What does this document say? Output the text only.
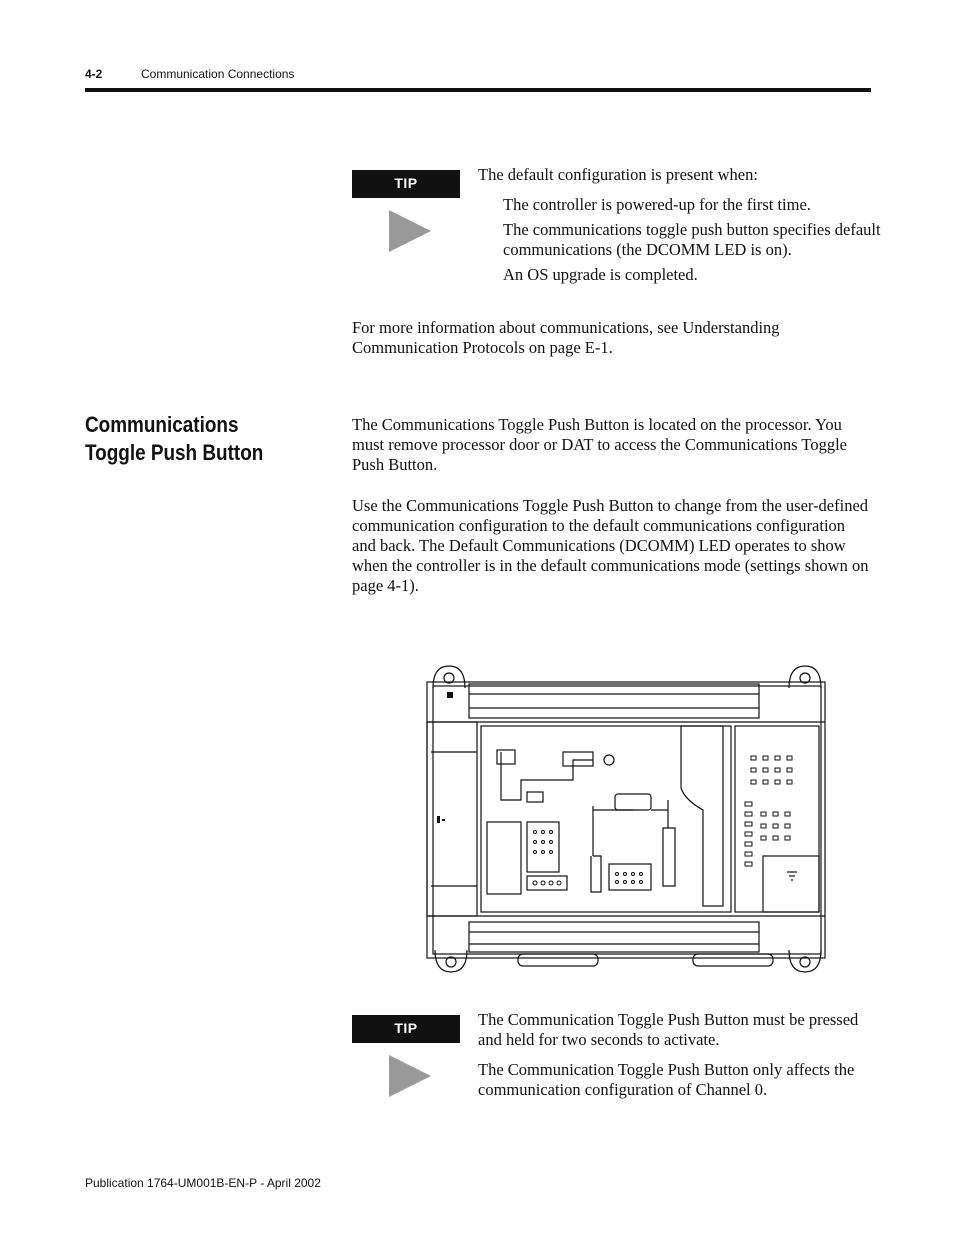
4-2	Communication Connections
TIP	The default configuration is present when:

The controller is powered-up for the first time.

The communications toggle push button specifies default communications (the DCOMM LED is on).

An OS upgrade is completed.

For more information about communications, see Understanding Communication Protocols on page E-1.

Communications Toggle Push Button

The Communications Toggle Push Button is located on the processor. You must remove processor door or DAT to access the Communications Toggle Push Button.

Use the Communications Toggle Push Button to change from the user-defined communication configuration to the default communications configuration and back. The Default Communications (DCOMM) LED operates to show when the controller is in the default communications mode (settings shown on page 4-1).

TIP	The Communication Toggle Push Button must be pressed and held for two seconds to activate.

The Communication Toggle Push Button only affects the communication configuration of Channel 0.

Publication 1764-UM001B-EN-P - April 2002
